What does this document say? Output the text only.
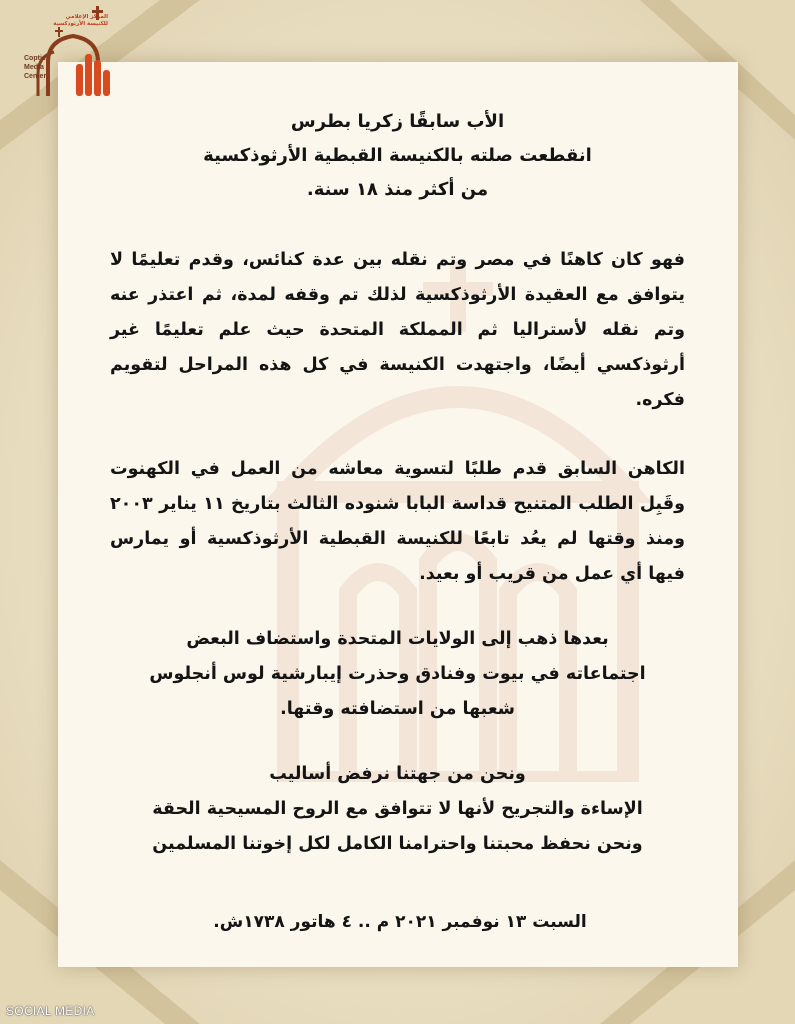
Coptic
Media
Center
المركز الإعلامي
للكنيسة الأرثوذكسية
الأب سابقًا زكريا بطرس
انقطعت صلته بالكنيسة القبطية الأرثوذكسية
من أكثر منذ ١٨ سنة.

فهو كان كاهنًا في مصر وتم نقله بين عدة كنائس، وقدم تعليمًا لا يتوافق مع العقيدة الأرثوذكسية لذلك تم وقفه لمدة، ثم اعتذر عنه وتم نقله لأستراليا ثم المملكة المتحدة حيث علم تعليمًا غير أرثوذكسي أيضًا، واجتهدت الكنيسة في كل هذه المراحل لتقويم فكره.

الكاهن السابق قدم طلبًا لتسوية معاشه من العمل في الكهنوت وقَبِل الطلب المتنيح قداسة البابا شنوده الثالث بتاريخ ١١ يناير ٢٠٠٣ ومنذ وقتها لم يعُد تابعًا للكنيسة القبطية الأرثوذكسية أو يمارس فيها أي عمل من قريب أو بعيد.

بعدها ذهب إلى الولايات المتحدة واستضاف البعض
اجتماعاته في بيوت وفنادق وحذرت إيبارشية لوس أنجلوس
شعبها من استضافته وقتها.
ونحن من جهتنا نرفض أساليب
الإساءة والتجريح لأنها لا تتوافق مع الروح المسيحية الحقة
ونحن نحفظ محبتنا واحترامنا الكامل لكل إخوتنا المسلمين
السبت ١٣ نوفمبر ٢٠٢١ م .. ٤ هاتور ١٧٣٨ش.
SOCIAL MEDIA
